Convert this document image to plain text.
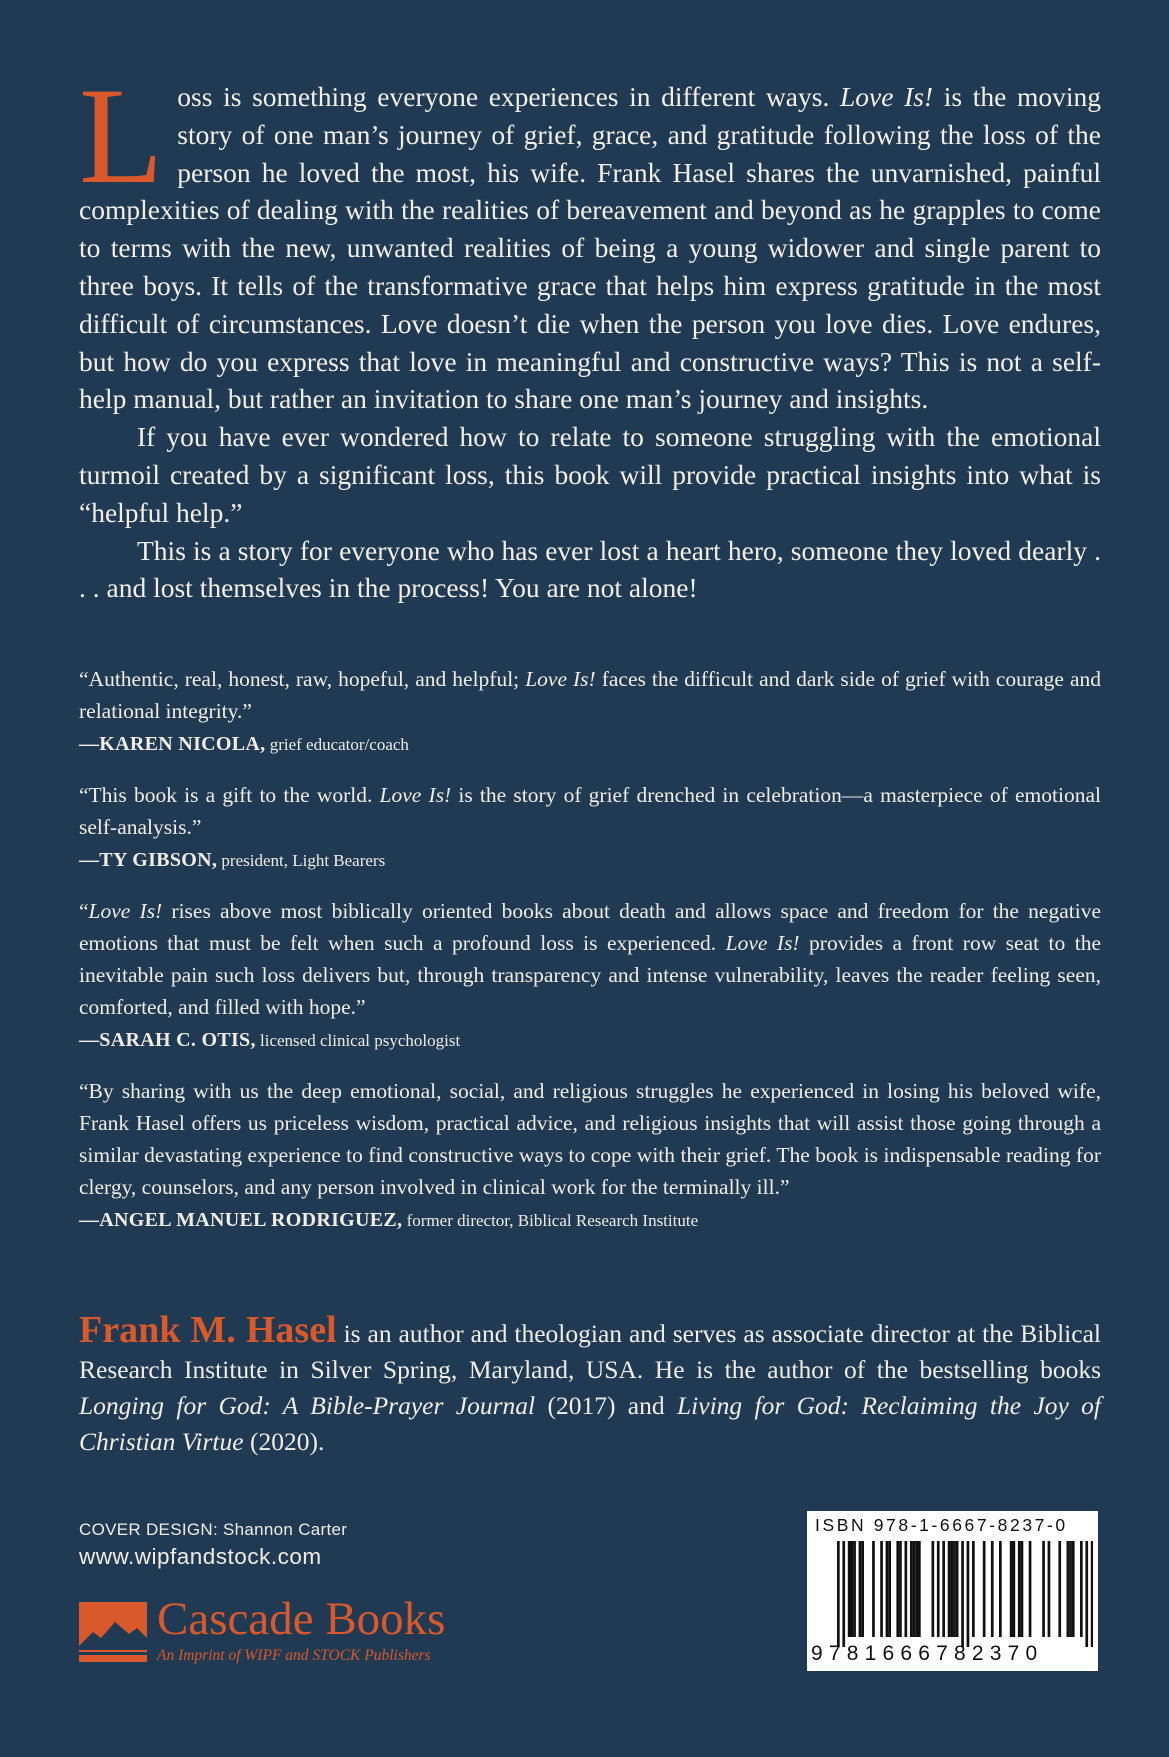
Loss is something everyone experiences in different ways. Love Is! is the moving story of one man’s journey of grief, grace, and gratitude following the loss of the person he loved the most, his wife. Frank Hasel shares the unvarnished, painful complexities of dealing with the realities of bereavement and beyond as he grapples to come to terms with the new, unwanted realities of being a young widower and single parent to three boys. It tells of the transformative grace that helps him express gratitude in the most difficult of circumstances. Love doesn’t die when the person you love dies. Love endures, but how do you express that love in meaningful and constructive ways? This is not a self-help manual, but rather an invitation to share one man’s journey and insights.

If you have ever wondered how to relate to someone struggling with the emotional turmoil created by a significant loss, this book will provide practical insights into what is “helpful help.”

This is a story for everyone who has ever lost a heart hero, someone they loved dearly . . . and lost themselves in the process! You are not alone!

“Authentic, real, honest, raw, hopeful, and helpful; Love Is! faces the difficult and dark side of grief with courage and relational integrity.”

—KAREN NICOLA, grief educator/coach

“This book is a gift to the world. Love Is! is the story of grief drenched in celebration—a masterpiece of emotional self-analysis.”

—TY GIBSON, president, Light Bearers

“Love Is! rises above most biblically oriented books about death and allows space and freedom for the negative emotions that must be felt when such a profound loss is experienced. Love Is! provides a front row seat to the inevitable pain such loss delivers but, through transparency and intense vulnerability, leaves the reader feeling seen, comforted, and filled with hope.”

—SARAH C. OTIS, licensed clinical psychologist

“By sharing with us the deep emotional, social, and religious struggles he experienced in losing his beloved wife, Frank Hasel offers us priceless wisdom, practical advice, and religious insights that will assist those going through a similar devastating experience to find constructive ways to cope with their grief. The book is indispensable reading for clergy, counselors, and any person involved in clinical work for the terminally ill.”

—ANGEL MANUEL RODRIGUEZ, former director, Biblical Research Institute
Frank M. Hasel is an author and theologian and serves as associate director at the Biblical Research Institute in Silver Spring, Maryland, USA. He is the author of the bestselling books Longing for God: A Bible-Prayer Journal (2017) and Living for God: Reclaiming the Joy of Christian Virtue (2020).
COVER DESIGN: Shannon Carter
www.wipfandstock.com
Cascade Books
An Imprint of WIPF and STOCK Publishers
ISBN 978-1-6667-8237-0
9781666782370
